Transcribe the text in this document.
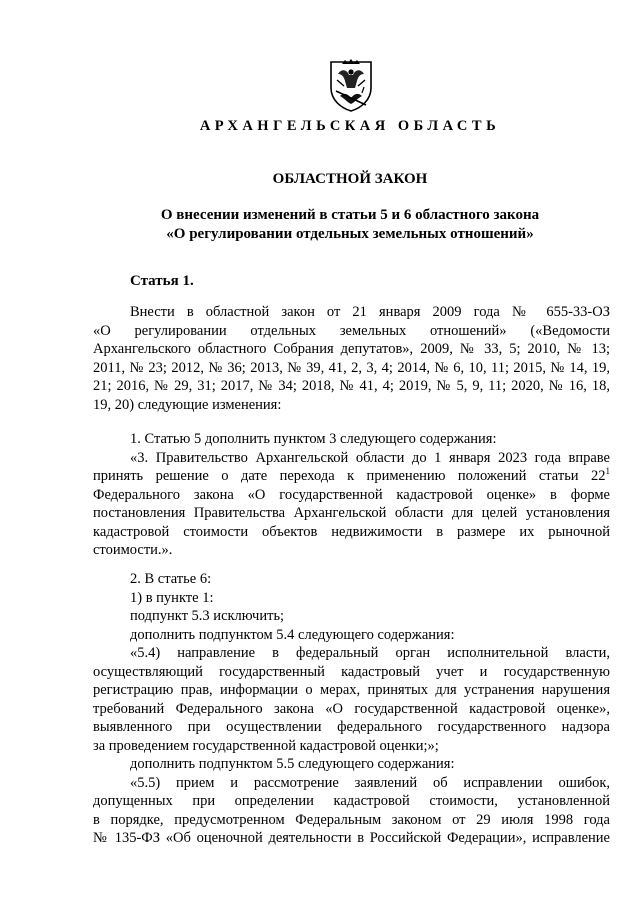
АРХАНГЕЛЬСКАЯ ОБЛАСТЬ
ОБЛАСТНОЙ ЗАКОН
О внесении изменений в статьи 5 и 6 областного закона
«О регулировании отдельных земельных отношений»
Статья 1.

Внести в областной закон от 21 января 2009 года № 655-33-ОЗ

«О регулировании отдельных земельных отношений» («Ведомости

Архангельского областного Собрания депутатов», 2009, № 33, 5; 2010, № 13;

2011, № 23; 2012, № 36; 2013, № 39, 41, 2, 3, 4; 2014, № 6, 10, 11; 2015, № 14, 19,

21; 2016, № 29, 31; 2017, № 34; 2018, № 41, 4; 2019, № 5, 9, 11; 2020, № 16, 18,

19, 20) следующие изменения:

1. Статью 5 дополнить пунктом 3 следующего содержания:

«3. Правительство Архангельской области до 1 января 2023 года вправе

принять решение о дате перехода к применению положений статьи $22^1$

Федерального закона «О государственной кадастровой оценке» в форме

постановления Правительства Архангельской области для целей установления

кадастровой стоимости объектов недвижимости в размере их рыночной

стоимости.».

2. В статье 6:

1) в пункте 1:

подпункт 5.3 исключить;

дополнить подпунктом 5.4 следующего содержания:

«5.4) направление в федеральный орган исполнительной власти,

осуществляющий государственный кадастровый учет и государственную

регистрацию прав, информации о мерах, принятых для устранения нарушения

требований Федерального закона «О государственной кадастровой оценке»,

выявленного при осуществлении федерального государственного надзора

за проведением государственной кадастровой оценки;»;

дополнить подпунктом 5.5 следующего содержания:

«5.5) прием и рассмотрение заявлений об исправлении ошибок,

допущенных при определении кадастровой стоимости, установленной

в порядке, предусмотренном Федеральным законом от 29 июля 1998 года

№ 135-ФЗ «Об оценочной деятельности в Российской Федерации», исправление
